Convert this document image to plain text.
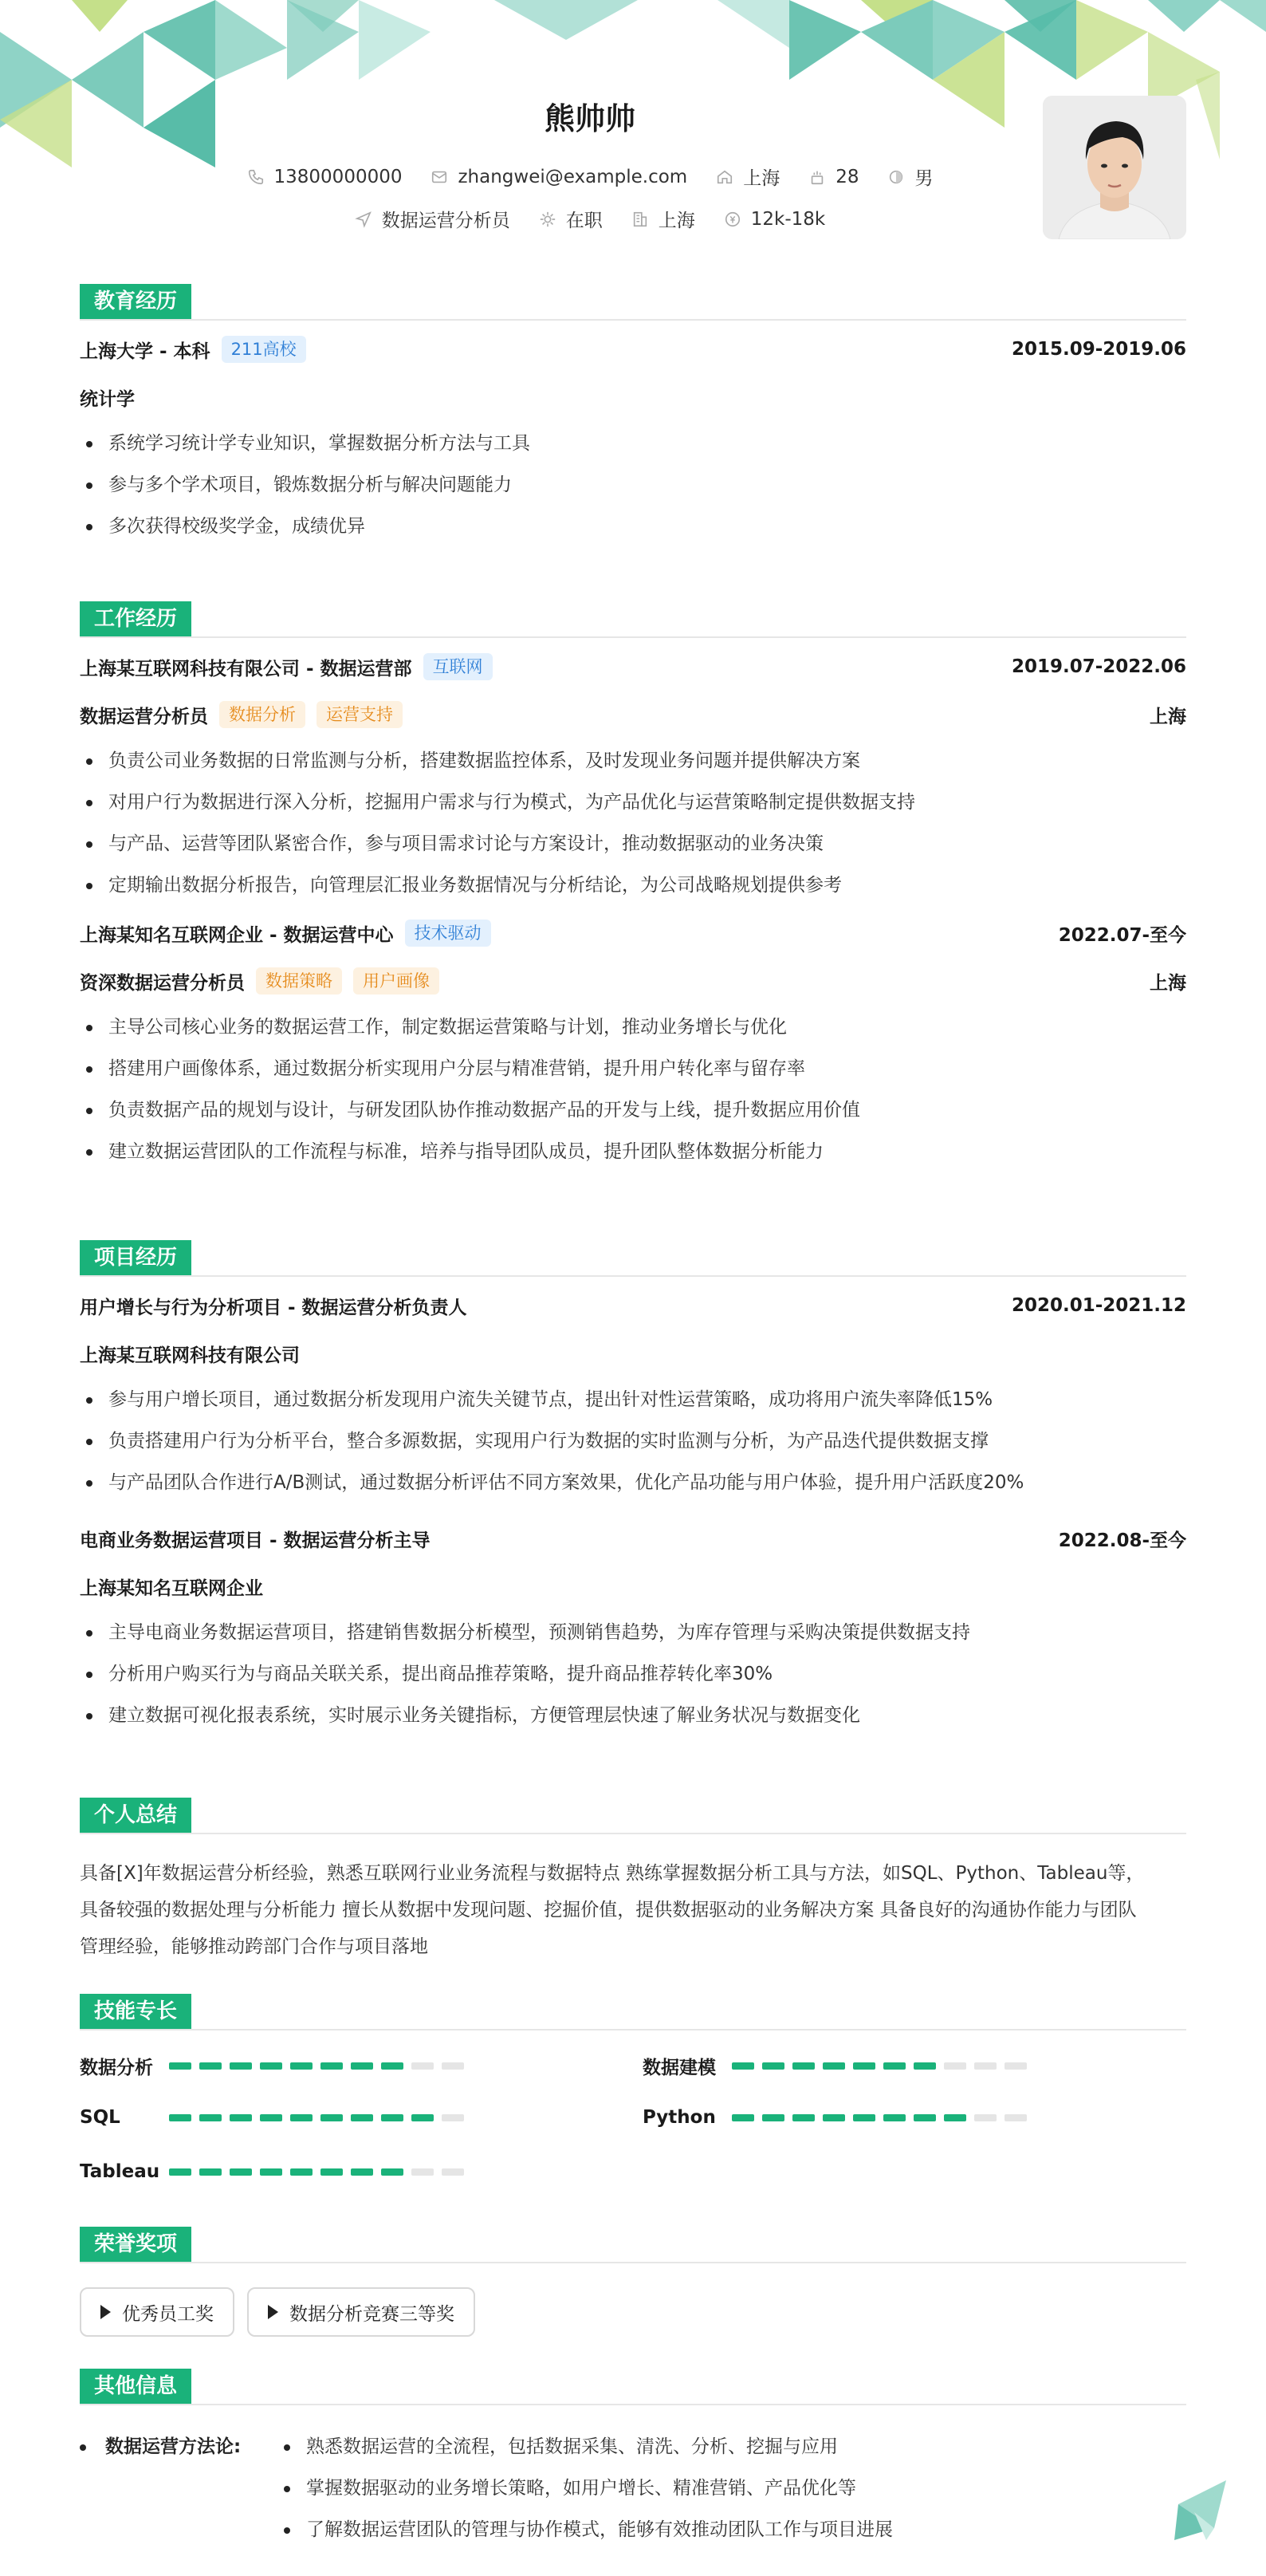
熊帅帅
13800000000	zhangwei@example.com	上海	28	男
数据运营分析员	在职	上海	12k-18k
教育经历
上海大学 - 本科	211高校	2015.09-2019.06
统计学
系统学习统计学专业知识，掌握数据分析方法与工具
参与多个学术项目，锻炼数据分析与解决问题能力
多次获得校级奖学金，成绩优异
工作经历
上海某互联网科技有限公司 - 数据运营部	互联网	2019.07-2022.06
数据运营分析员	数据分析	运营支持	上海
负责公司业务数据的日常监测与分析，搭建数据监控体系，及时发现业务问题并提供解决方案
对用户行为数据进行深入分析，挖掘用户需求与行为模式，为产品优化与运营策略制定提供数据支持
与产品、运营等团队紧密合作，参与项目需求讨论与方案设计，推动数据驱动的业务决策
定期输出数据分析报告，向管理层汇报业务数据情况与分析结论，为公司战略规划提供参考
上海某知名互联网企业 - 数据运营中心	技术驱动	2022.07-至今
资深数据运营分析员	数据策略	用户画像	上海
主导公司核心业务的数据运营工作，制定数据运营策略与计划，推动业务增长与优化
搭建用户画像体系，通过数据分析实现用户分层与精准营销，提升用户转化率与留存率
负责数据产品的规划与设计，与研发团队协作推动数据产品的开发与上线，提升数据应用价值
建立数据运营团队的工作流程与标准，培养与指导团队成员，提升团队整体数据分析能力
项目经历
用户增长与行为分析项目 - 数据运营分析负责人	2020.01-2021.12
上海某互联网科技有限公司
参与用户增长项目，通过数据分析发现用户流失关键节点，提出针对性运营策略，成功将用户流失率降低15%
负责搭建用户行为分析平台，整合多源数据，实现用户行为数据的实时监测与分析，为产品迭代提供数据支撑
与产品团队合作进行A/B测试，通过数据分析评估不同方案效果，优化产品功能与用户体验，提升用户活跃度20%
电商业务数据运营项目 - 数据运营分析主导	2022.08-至今
上海某知名互联网企业
主导电商业务数据运营项目，搭建销售数据分析模型，预测销售趋势，为库存管理与采购决策提供数据支持
分析用户购买行为与商品关联关系，提出商品推荐策略，提升商品推荐转化率30%
建立数据可视化报表系统，实时展示业务关键指标，方便管理层快速了解业务状况与数据变化
个人总结
具备[X]年数据运营分析经验，熟悉互联网行业业务流程与数据特点 熟练掌握数据分析工具与方法，如SQL、Python、Tableau等，
具备较强的数据处理与分析能力 擅长从数据中发现问题、挖掘价值，提供数据驱动的业务解决方案 具备良好的沟通协作能力与团队
管理经验，能够推动跨部门合作与项目落地
技能专长
数据分析	数据建模
SQL	Python
Tableau
荣誉奖项
优秀员工奖	数据分析竞赛三等奖
其他信息
数据运营方法论:	熟悉数据运营的全流程，包括数据采集、清洗、分析、挖掘与应用
掌握数据驱动的业务增长策略，如用户增长、精准营销、产品优化等
了解数据运营团队的管理与协作模式，能够有效推动团队工作与项目进展
